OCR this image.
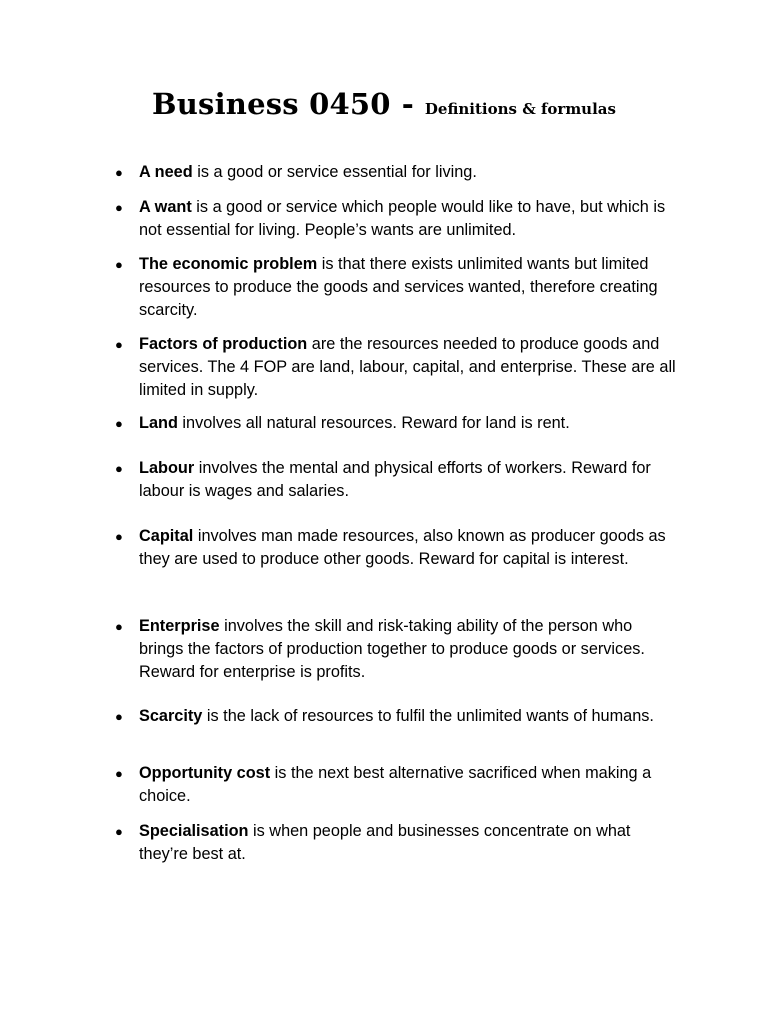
Business 0450 - Definitions & formulas
● A need is a good or service essential for living.
● A want is a good or service which people would like to have, but which is not essential for living. People’s wants are unlimited.
● The economic problem is that there exists unlimited wants but limited resources to produce the goods and services wanted, therefore creating scarcity.
● Factors of production are the resources needed to produce goods and services. The 4 FOP are land, labour, capital, and enterprise. These are all limited in supply.
● Land involves all natural resources. Reward for land is rent.
● Labour involves the mental and physical efforts of workers. Reward for labour is wages and salaries.
● Capital involves man made resources, also known as producer goods as they are used to produce other goods. Reward for capital is interest.
● Enterprise involves the skill and risk-taking ability of the person who brings the factors of production together to produce goods or services. Reward for enterprise is profits.
● Scarcity is the lack of resources to fulfil the unlimited wants of humans.
● Opportunity cost is the next best alternative sacrificed when making a choice.
● Specialisation is when people and businesses concentrate on what they’re best at.
